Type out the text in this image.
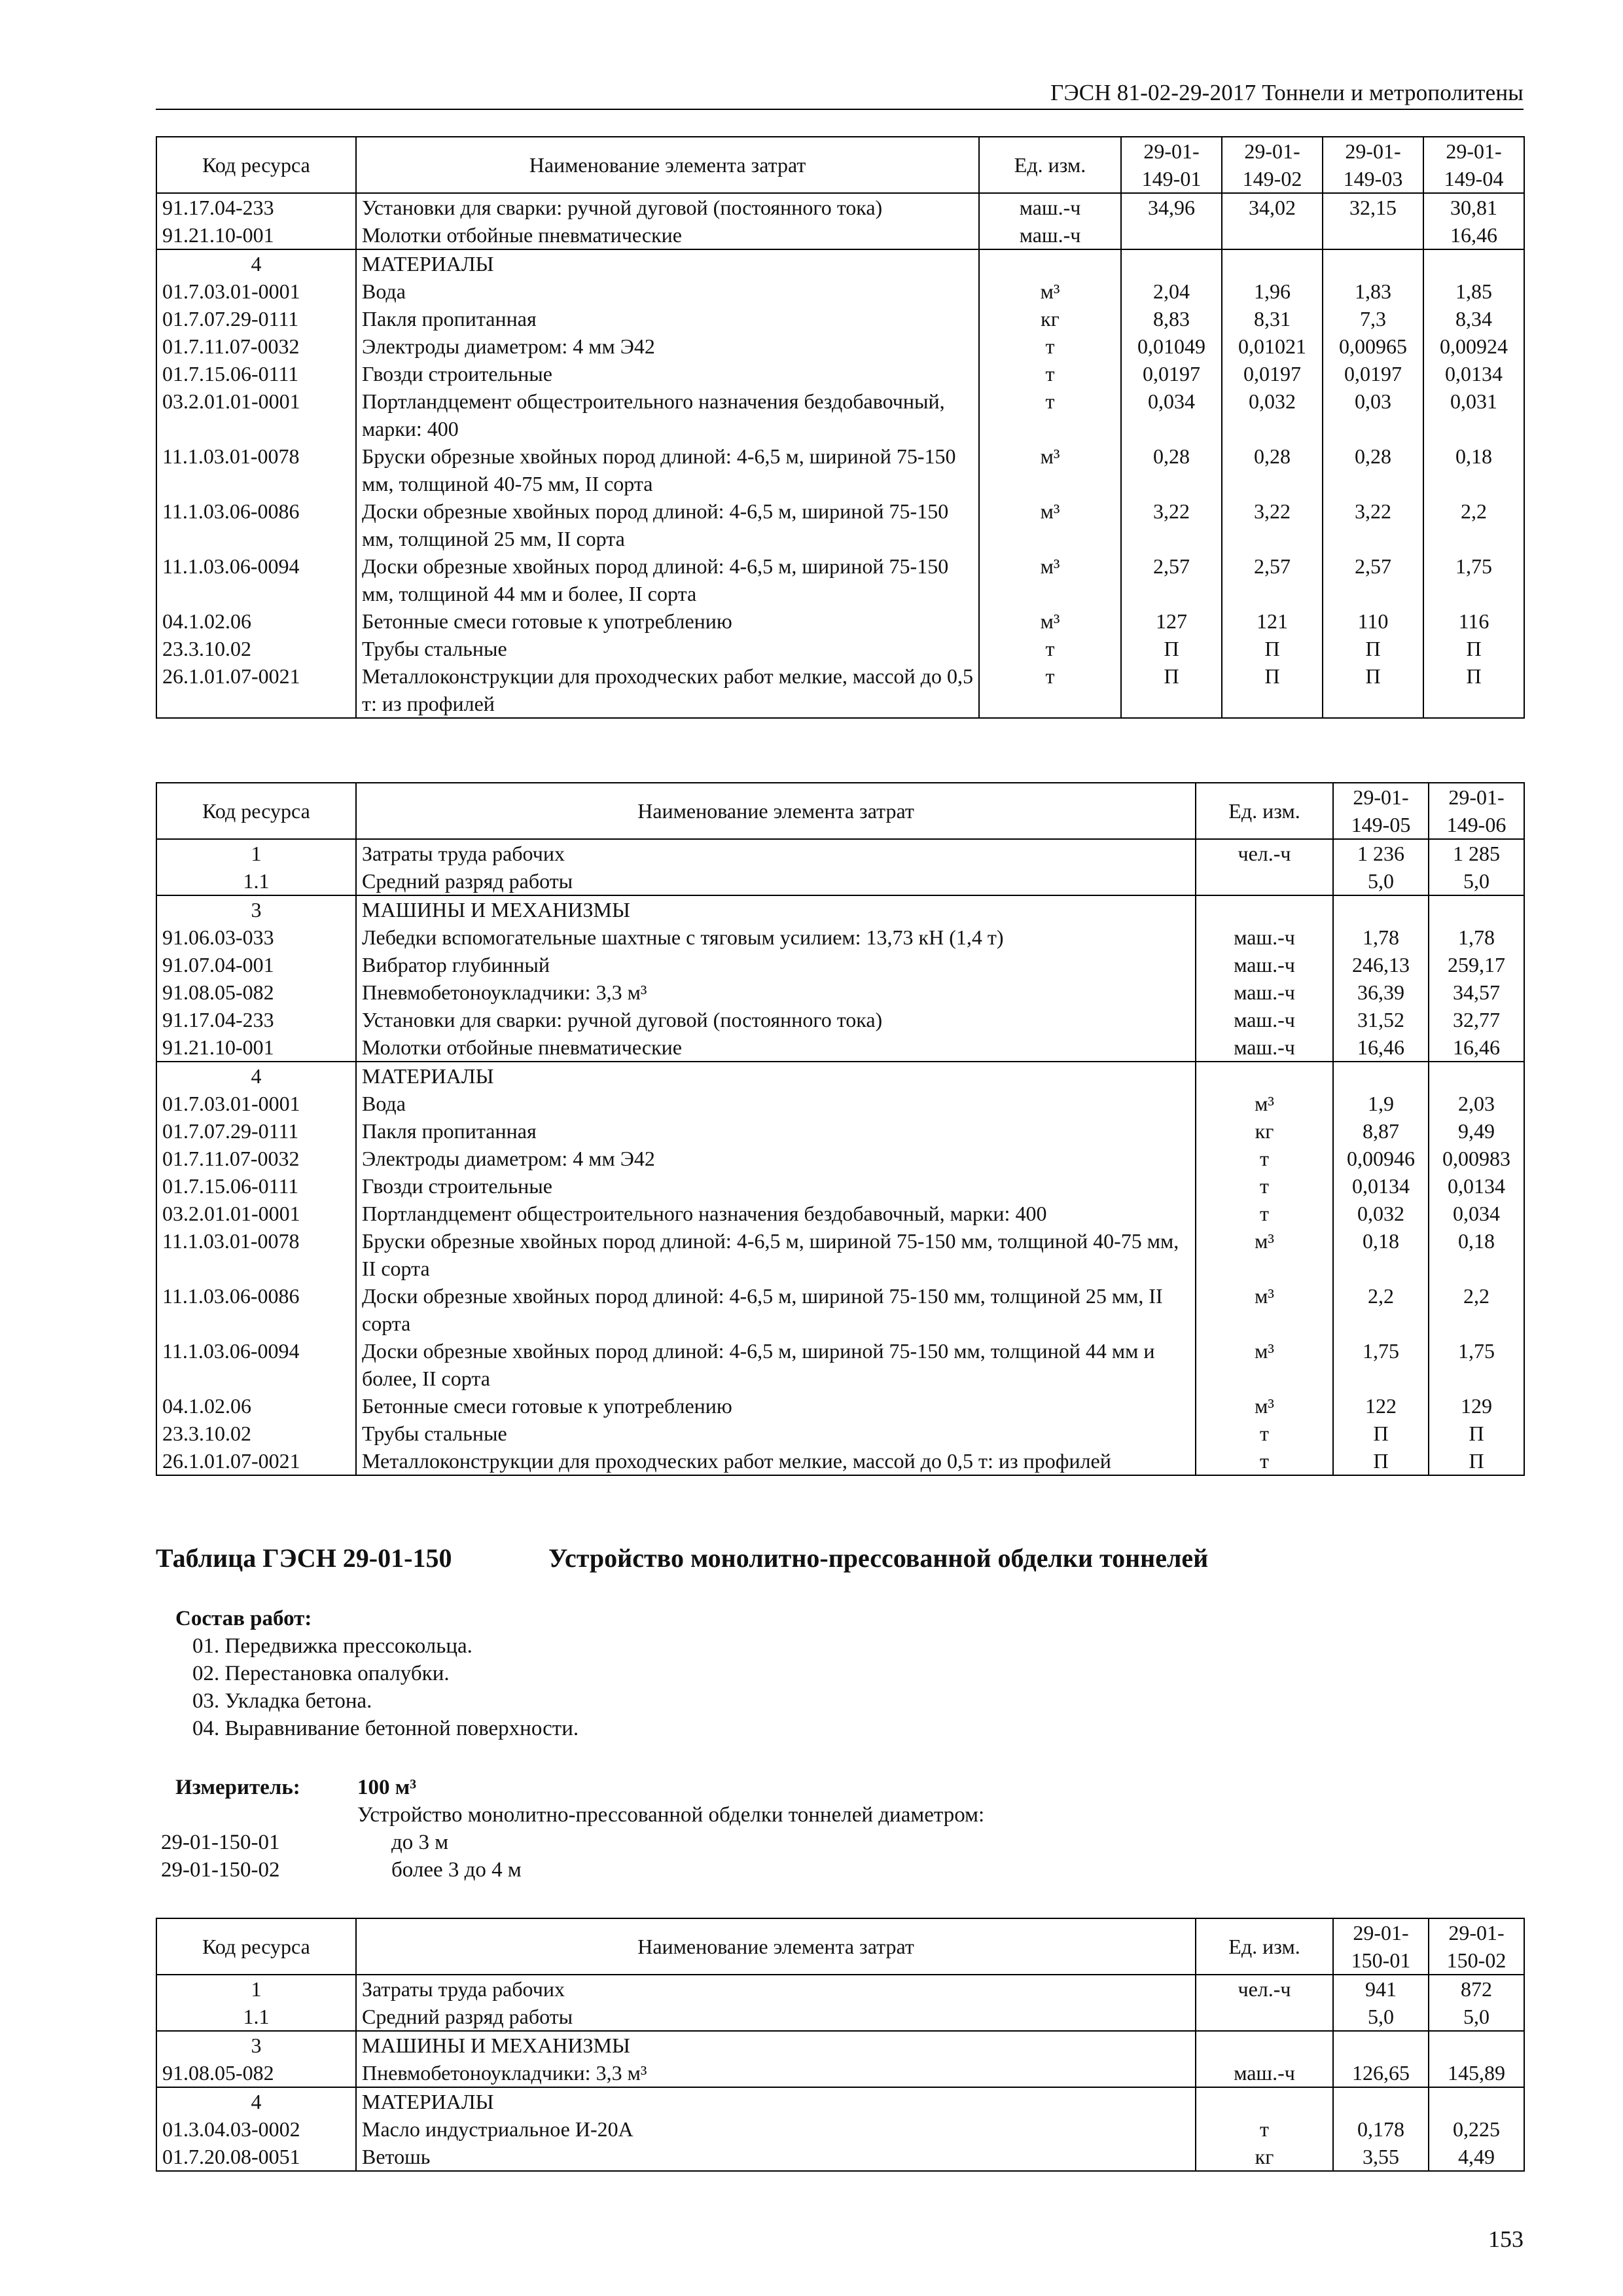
ГЭСН 81-02-29-2017 Тоннели и метрополитены
Код ресурса	Наименование элемента затрат	Ед. изм.	29-01-149-01	29-01-149-02	29-01-149-03	29-01-149-04
91.17.04-233	Установки для сварки: ручной дуговой (постоянного тока)	маш.-ч	34,96	34,02	32,15	30,81
91.21.10-001	Молотки отбойные пневматические	маш.-ч				16,46
4	МАТЕРИАЛЫ					
01.7.03.01-0001	Вода	м³	2,04	1,96	1,83	1,85
01.7.07.29-0111	Пакля пропитанная	кг	8,83	8,31	7,3	8,34
01.7.11.07-0032	Электроды диаметром: 4 мм Э42	т	0,01049	0,01021	0,00965	0,00924
01.7.15.06-0111	Гвозди строительные	т	0,0197	0,0197	0,0197	0,0134
03.2.01.01-0001	Портландцемент общестроительного назначения бездобавочный, марки: 400	т	0,034	0,032	0,03	0,031
11.1.03.01-0078	Бруски обрезные хвойных пород длиной: 4-6,5 м, шириной 75-150 мм, толщиной 40-75 мм, II сорта	м³	0,28	0,28	0,28	0,18
11.1.03.06-0086	Доски обрезные хвойных пород длиной: 4-6,5 м, шириной 75-150 мм, толщиной 25 мм, II сорта	м³	3,22	3,22	3,22	2,2
11.1.03.06-0094	Доски обрезные хвойных пород длиной: 4-6,5 м, шириной 75-150 мм, толщиной 44 мм и более, II сорта	м³	2,57	2,57	2,57	1,75
04.1.02.06	Бетонные смеси готовые к употреблению	м³	127	121	110	116
23.3.10.02	Трубы стальные	т	П	П	П	П
26.1.01.07-0021	Металлоконструкции для проходческих работ мелкие, массой до 0,5 т: из профилей	т	П	П	П	П
Код ресурса	Наименование элемента затрат	Ед. изм.	29-01-149-05	29-01-149-06
1	Затраты труда рабочих	чел.-ч	1 236	1 285
1.1	Средний разряд работы		5,0	5,0
3	МАШИНЫ И МЕХАНИЗМЫ			
91.06.03-033	Лебедки вспомогательные шахтные с тяговым усилием: 13,73 кН (1,4 т)	маш.-ч	1,78	1,78
91.07.04-001	Вибратор глубинный	маш.-ч	246,13	259,17
91.08.05-082	Пневмобетоноукладчики: 3,3 м³	маш.-ч	36,39	34,57
91.17.04-233	Установки для сварки: ручной дуговой (постоянного тока)	маш.-ч	31,52	32,77
91.21.10-001	Молотки отбойные пневматические	маш.-ч	16,46	16,46
4	МАТЕРИАЛЫ			
01.7.03.01-0001	Вода	м³	1,9	2,03
01.7.07.29-0111	Пакля пропитанная	кг	8,87	9,49
01.7.11.07-0032	Электроды диаметром: 4 мм Э42	т	0,00946	0,00983
01.7.15.06-0111	Гвозди строительные	т	0,0134	0,0134
03.2.01.01-0001	Портландцемент общестроительного назначения бездобавочный, марки: 400	т	0,032	0,034
11.1.03.01-0078	Бруски обрезные хвойных пород длиной: 4-6,5 м, шириной 75-150 мм, толщиной 40-75 мм, II сорта	м³	0,18	0,18
11.1.03.06-0086	Доски обрезные хвойных пород длиной: 4-6,5 м, шириной 75-150 мм, толщиной 25 мм, II сорта	м³	2,2	2,2
11.1.03.06-0094	Доски обрезные хвойных пород длиной: 4-6,5 м, шириной 75-150 мм, толщиной 44 мм и более, II сорта	м³	1,75	1,75
04.1.02.06	Бетонные смеси готовые к употреблению	м³	122	129
23.3.10.02	Трубы стальные	т	П	П
26.1.01.07-0021	Металлоконструкции для проходческих работ мелкие, массой до 0,5 т: из профилей	т	П	П
Таблица ГЭСН 29-01-150	Устройство монолитно-прессованной обделки тоннелей
Состав работ:
01. Передвижка прессокольца.
02. Перестановка опалубки.
03. Укладка бетона.
04. Выравнивание бетонной поверхности.
Измеритель:	100 м³
Устройство монолитно-прессованной обделки тоннелей диаметром:
29-01-150-01	до 3 м
29-01-150-02	более 3 до 4 м
Код ресурса	Наименование элемента затрат	Ед. изм.	29-01-150-01	29-01-150-02
1	Затраты труда рабочих	чел.-ч	941	872
1.1	Средний разряд работы		5,0	5,0
3	МАШИНЫ И МЕХАНИЗМЫ			
91.08.05-082	Пневмобетоноукладчики: 3,3 м³	маш.-ч	126,65	145,89
4	МАТЕРИАЛЫ			
01.3.04.03-0002	Масло индустриальное И-20А	т	0,178	0,225
01.7.20.08-0051	Ветошь	кг	3,55	4,49
153
